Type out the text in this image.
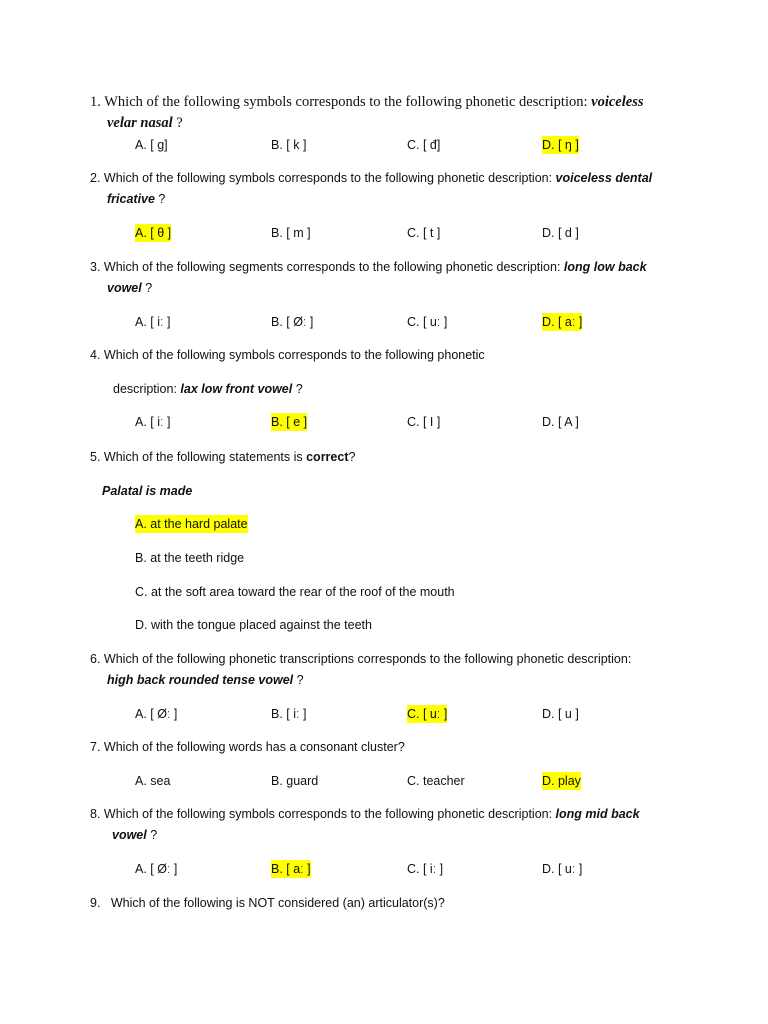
1. Which of the following symbols corresponds to the following phonetic description: voiceless
velar nasal ?
A. [ g]	B. [ k ]	C. [ đ]	D. [ ŋ ]
2. Which of the following symbols corresponds to the following phonetic description: voiceless dental
fricative ?
A. [ θ ]	B. [ m ]	C. [ t ]	D. [ d ]
3. Which of the following segments corresponds to the following phonetic description: long low back
vowel ?
A. [ iː ]	B. [ Øː ]	C. [ uː ]	D. [ aː ]
4. Which of the following symbols corresponds to the following phonetic
description: lax low front vowel ?
A. [ iː ]	B. [ e ]	C. [ I ]	D. [ A ]
5. Which of the following statements is correct?
Palatal is made
A. at the hard palate
B. at the teeth ridge
C. at the soft area toward the rear of the roof of the mouth
D. with the tongue placed against the teeth
6. Which of the following phonetic transcriptions corresponds to the following phonetic description:
high back rounded tense vowel ?
A. [ Øː ]	B. [ iː ]	C. [ uː ]	D. [ u ]
7. Which of the following words has a consonant cluster?
A. sea	B. guard	C. teacher	D. play
8. Which of the following symbols corresponds to the following phonetic description: long mid back
vowel ?
A. [ Øː ]	B. [ aː ]	C. [ iː ]	D. [ uː ]
9. Which of the following is NOT considered (an) articulator(s)?
